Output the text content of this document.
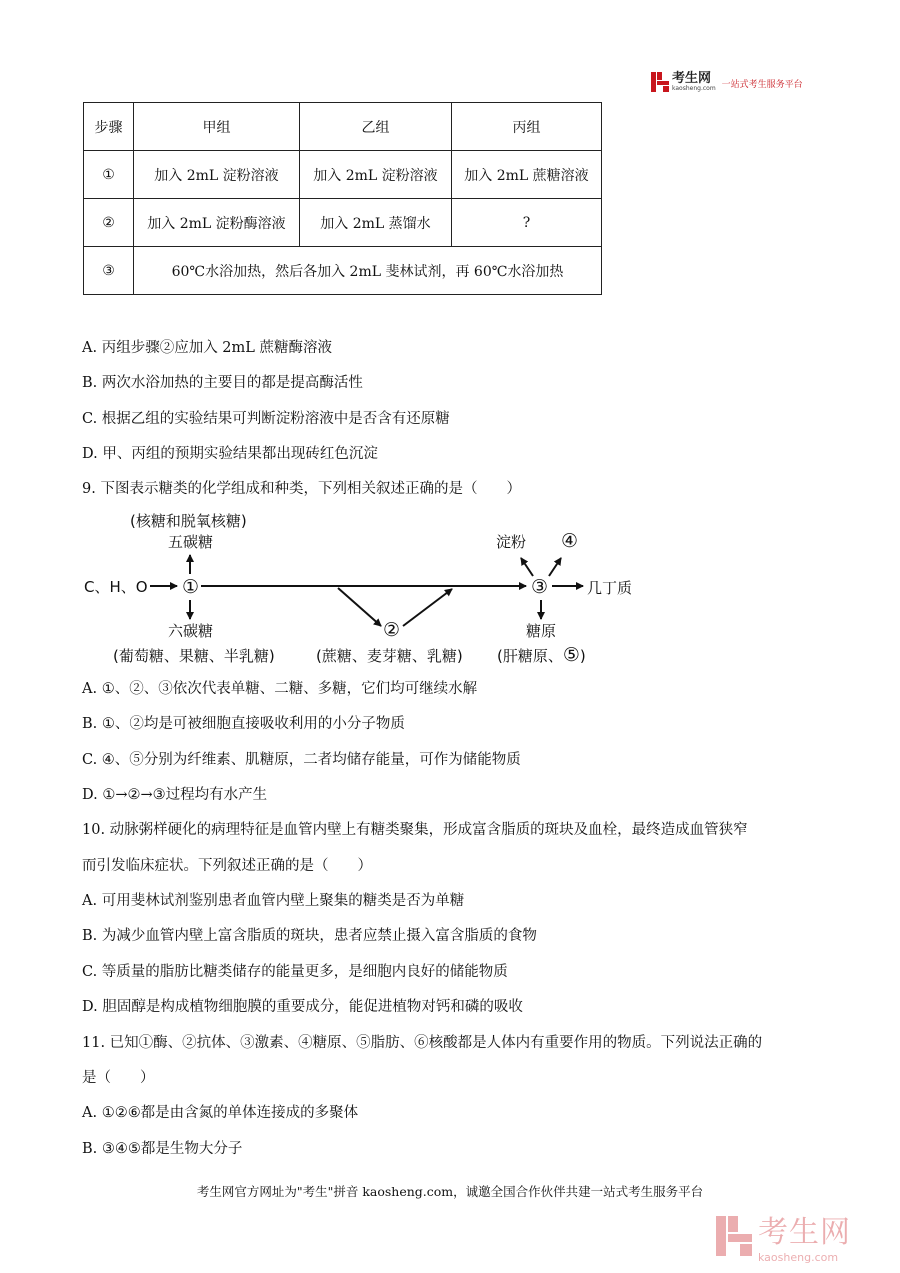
考生网
kaosheng.com 一站式考生服务平台
步骤	甲组	乙组	丙组
①	加入 2mL 淀粉溶液	加入 2mL 淀粉溶液	加入 2mL 蔗糖溶液
②	加入 2mL 淀粉酶溶液	加入 2mL 蒸馏水	?
③	60℃水浴加热，然后各加入 2mL 斐林试剂，再 60℃水浴加热		
A. 丙组步骤②应加入 2mL 蔗糖酶溶液
B. 两次水浴加热的主要目的都是提高酶活性
C. 根据乙组的实验结果可判断淀粉溶液中是否含有还原糖
D. 甲、丙组的预期实验结果都出现砖红色沉淀
9. 下图表示糖类的化学组成和种类，下列相关叙述正确的是（　　）
(核糖和脱氧核糖)
五碳糖
C、H、O ①
六碳糖
(葡萄糖、果糖、半乳糖)
②
(蔗糖、麦芽糖、乳糖)
③
淀粉 ④
几丁质
糖原
(肝糖原、⑤)
A. ①、②、③依次代表单糖、二糖、多糖，它们均可继续水解
B. ①、②均是可被细胞直接吸收利用的小分子物质
C. ④、⑤分别为纤维素、肌糖原，二者均储存能量，可作为储能物质
D. ①→②→③过程均有水产生
10. 动脉粥样硬化的病理特征是血管内壁上有糖类聚集，形成富含脂质的斑块及血栓，最终造成血管狭窄
而引发临床症状。下列叙述正确的是（　　）
A. 可用斐林试剂鉴别患者血管内壁上聚集的糖类是否为单糖
B. 为减少血管内壁上富含脂质的斑块，患者应禁止摄入富含脂质的食物
C. 等质量的脂肪比糖类储存的能量更多，是细胞内良好的储能物质
D. 胆固醇是构成植物细胞膜的重要成分，能促进植物对钙和磷的吸收
11. 已知①酶、②抗体、③激素、④糖原、⑤脂肪、⑥核酸都是人体内有重要作用的物质。下列说法正确的
是（　　）
A. ①②⑥都是由含氮的单体连接成的多聚体
B. ③④⑤都是生物大分子
考生网官方网址为"考生"拼音 kaosheng.com，诚邀全国合作伙伴共建一站式考生服务平台
考生网
kaosheng.com
